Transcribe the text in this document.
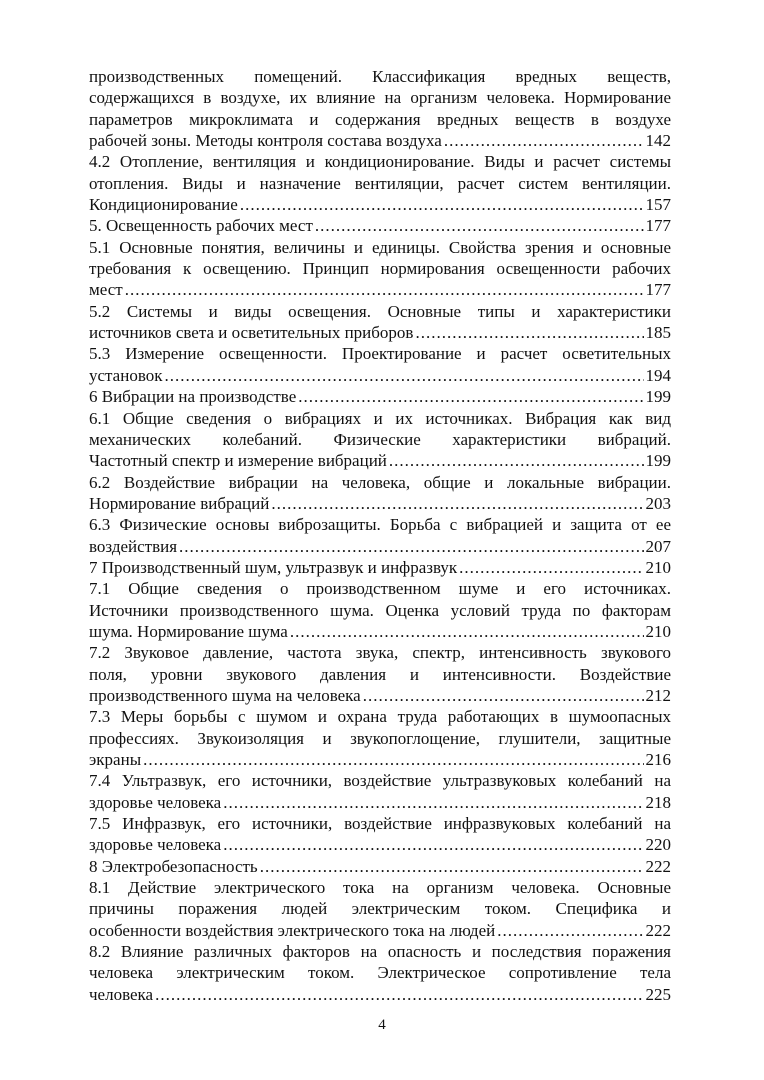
производственных помещений. Классификация вредных веществ,
содержащихся в воздухе, их влияние на организм человека. Нормирование
параметров микроклимата и содержания вредных веществ в воздухе
рабочей зоны. Методы контроля состава воздуха .....	142
4.2 Отопление, вентиляция и кондиционирование. Виды и расчет системы
отопления. Виды и назначение вентиляции, расчет систем вентиляции.
Кондиционирование .....	157
5. Освещенность рабочих мест .....	177
5.1 Основные понятия, величины и единицы. Свойства зрения и основные
требования к освещению. Принцип нормирования освещенности рабочих
мест .....	177
5.2 Системы и виды освещения. Основные типы и характеристики
источников света и осветительных приборов .....	185
5.3 Измерение освещенности. Проектирование и расчет осветительных
установок .....	194
6 Вибрации на производстве .....	199
6.1 Общие сведения о вибрациях и их источниках. Вибрация как вид
механических колебаний. Физические характеристики вибраций.
Частотный спектр и измерение вибраций .....	199
6.2 Воздействие вибрации на человека, общие и локальные вибрации.
Нормирование вибраций .....	203
6.3 Физические основы виброзащиты. Борьба с вибрацией и защита от ее
воздействия .....	207
7 Производственный шум, ультразвук и инфразвук .....	210
7.1 Общие сведения о производственном шуме и его источниках.
Источники производственного шума. Оценка условий труда по факторам
шума. Нормирование шума .....	210
7.2 Звуковое давление, частота звука, спектр, интенсивность звукового
поля, уровни звукового давления и интенсивности. Воздействие
производственного шума на человека .....	212
7.3 Меры борьбы с шумом и охрана труда работающих в шумоопасных
профессиях. Звукоизоляция и звукопоглощение, глушители, защитные
экраны .....	216
7.4 Ультразвук, его источники, воздействие ультразвуковых колебаний на
здоровье человека .....	218
7.5 Инфразвук, его источники, воздействие инфразвуковых колебаний на
здоровье человека .....	220
8 Электробезопасность .....	222
8.1 Действие электрического тока на организм человека. Основные
причины поражения людей электрическим током. Специфика и
особенности воздействия электрического тока на людей .....	222
8.2 Влияние различных факторов на опасность и последствия поражения
человека электрическим током. Электрическое сопротивление тела
человека .....	225
4
